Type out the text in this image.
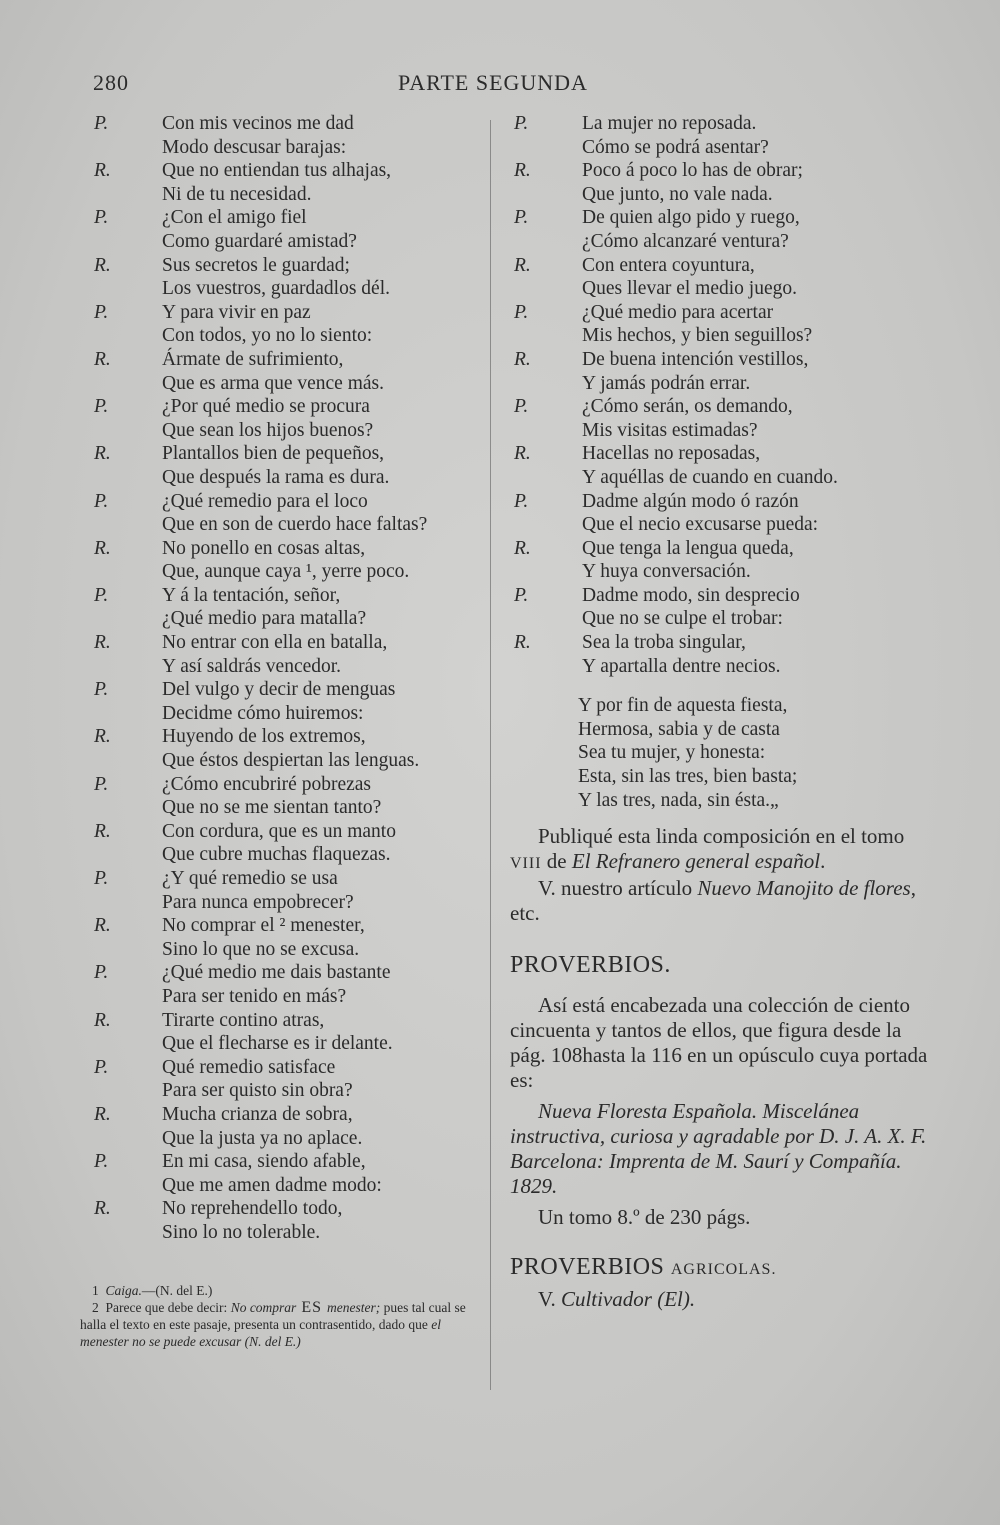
280	PARTE SEGUNDA
P.	Con mis vecinos me dad
Modo descusar barajas:
R.	Que no entiendan tus alhajas,
Ni de tu necesidad.
P.	¿Con el amigo fiel
Como guardaré amistad?
R.	Sus secretos le guardad;
Los vuestros, guardadlos dél.
P.	Y para vivir en paz
Con todos, yo no lo siento:
R.	Ármate de sufrimiento,
Que es arma que vence más.
P.	¿Por qué medio se procura
Que sean los hijos buenos?
R.	Plantallos bien de pequeños,
Que después la rama es dura.
P.	¿Qué remedio para el loco
Que en son de cuerdo hace faltas?
R.	No ponello en cosas altas,
Que, aunque caya ¹, yerre poco.
P.	Y á la tentación, señor,
¿Qué medio para matalla?
R.	No entrar con ella en batalla,
Y así saldrás vencedor.
P.	Del vulgo y decir de menguas
Decidme cómo huiremos:
R.	Huyendo de los extremos,
Que éstos despiertan las lenguas.
P.	¿Cómo encubriré pobrezas
Que no se me sientan tanto?
R.	Con cordura, que es un manto
Que cubre muchas flaquezas.
P.	¿Y qué remedio se usa
Para nunca empobrecer?
R.	No comprar el ² menester,
Sino lo que no se excusa.
P.	¿Qué medio me dais bastante
Para ser tenido en más?
R.	Tirarte contino atras,
Que el flecharse es ir delante.
P.	Qué remedio satisface
Para ser quisto sin obra?
R.	Mucha crianza de sobra,
Que la justa ya no aplace.
P.	En mi casa, siendo afable,
Que me amen dadme modo:
R.	No reprehendello todo,
Sino lo no tolerable.
P.	La mujer no reposada.
Cómo se podrá asentar?
R.	Poco á poco lo has de obrar;
Que junto, no vale nada.
P.	De quien algo pido y ruego,
¿Cómo alcanzaré ventura?
R.	Con entera coyuntura,
Ques llevar el medio juego.
P.	¿Qué medio para acertar
Mis hechos, y bien seguillos?
R.	De buena intención vestillos,
Y jamás podrán errar.
P.	¿Cómo serán, os demando,
Mis visitas estimadas?
R.	Hacellas no reposadas,
Y aquéllas de cuando en cuando.
P.	Dadme algún modo ó razón
Que el necio excusarse pueda:
R.	Que tenga la lengua queda,
Y huya conversación.
P.	Dadme modo, sin desprecio
Que no se culpe el trobar:
R.	Sea la troba singular,
Y apartalla dentre necios.
Y por fin de aquesta fiesta,
Hermosa, sabia y de casta
Sea tu mujer, y honesta:
Esta, sin las tres, bien basta;
Y las tres, nada, sin ésta.„
Publiqué esta linda composición en el tomo VIII de El Refranero general español.
V. nuestro artículo Nuevo Manojito de flores, etc.
PROVERBIOS.
Así está encabezada una colección de ciento cincuenta y tantos de ellos, que figura desde la pág. 108hasta la 116 en un opúsculo cuya portada es:
Nueva Floresta Española. Miscelánea instructiva, curiosa y agradable por D. J. A. X. F. Barcelona: Imprenta de M. Saurí y Compañía. 1829.
Un tomo 8.º de 230 págs.
PROVERBIOS AGRICOLAS.
V. Cultivador (El).
1 Caiga.—(N. del E.)
2 Parece que debe decir: No comprar ES menester; pues tal cual se halla el texto en este pasaje, presenta un contrasentido, dado que el menester no se puede excusar (N. del E.)
